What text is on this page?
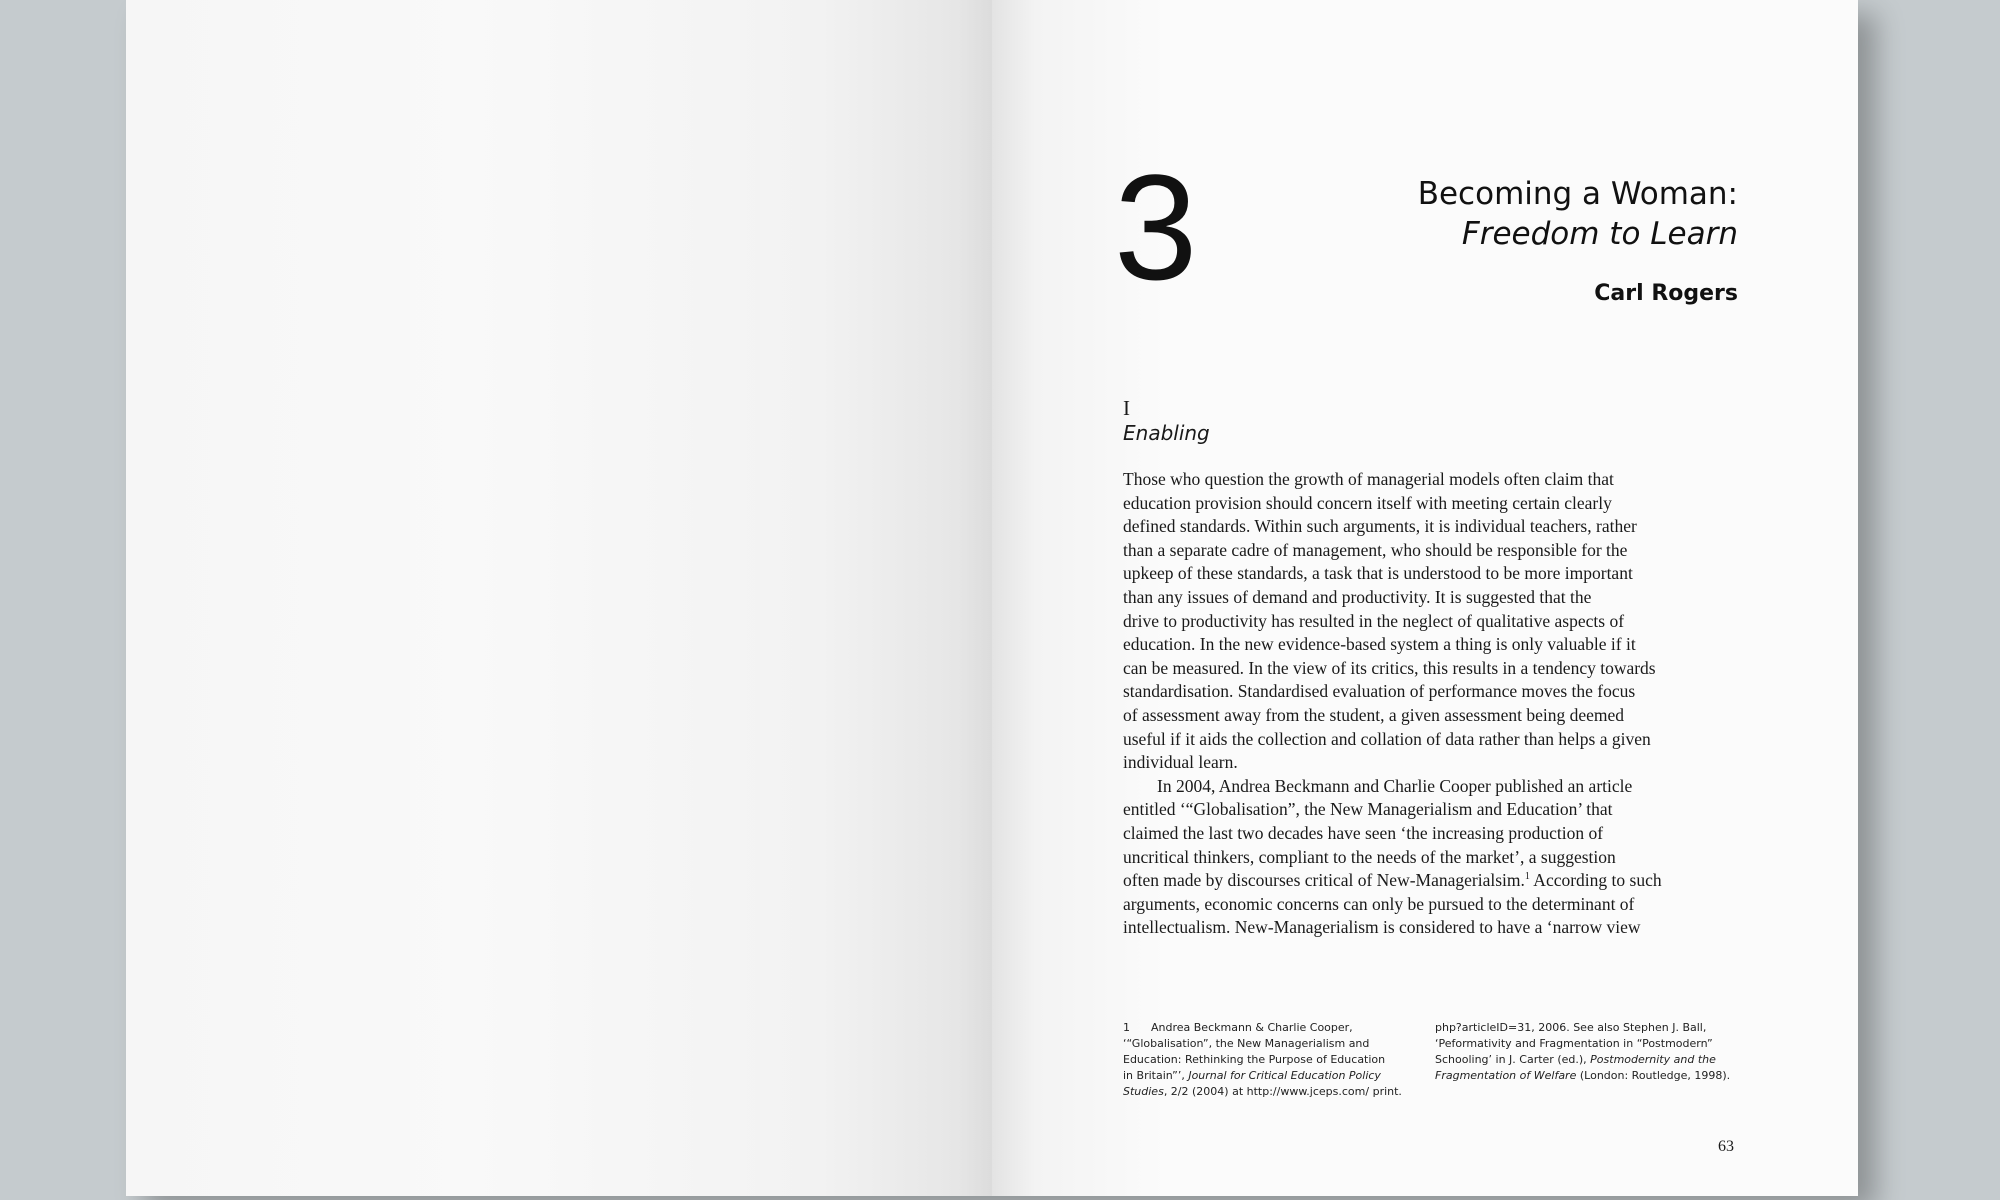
3	Becoming a Woman:
Freedom to Learn
Carl Rogers
I
Enabling
Those who question the growth of managerial models often claim that
education provision should concern itself with meeting certain clearly
defined standards. Within such arguments, it is individual teachers, rather
than a separate cadre of management, who should be responsible for the
upkeep of these standards, a task that is understood to be more important
than any issues of demand and productivity. It is suggested that the
drive to productivity has resulted in the neglect of qualitative aspects of
education. In the new evidence-based system a thing is only valuable if it
can be measured. In the view of its critics, this results in a tendency towards
standardisation. Standardised evaluation of performance moves the focus
of assessment away from the student, a given assessment being deemed
useful if it aids the collection and collation of data rather than helps a given
individual learn.
In 2004, Andrea Beckmann and Charlie Cooper published an article
entitled ‘“Globalisation”, the New Managerialism and Education’ that
claimed the last two decades have seen ‘the increasing production of
uncritical thinkers, compliant to the needs of the market’, a suggestion
often made by discourses critical of New-Managerialsim.$^1$ According to such
arguments, economic concerns can only be pursued to the determinant of
intellectualism. New-Managerialism is considered to have a ‘narrow view
1 Andrea Beckmann & Charlie Cooper,
‘“Globalisation”, the New Managerialism and
Education: Rethinking the Purpose of Education
in Britain”’, Journal for Critical Education Policy
Studies, 2/2 (2004) at http://www.jceps.com/ print.
php?articleID=31, 2006. See also Stephen J. Ball,
‘Peformativity and Fragmentation in “Postmodern”
Schooling’ in J. Carter (ed.), Postmodernity and the
Fragmentation of Welfare (London: Routledge, 1998).
63
